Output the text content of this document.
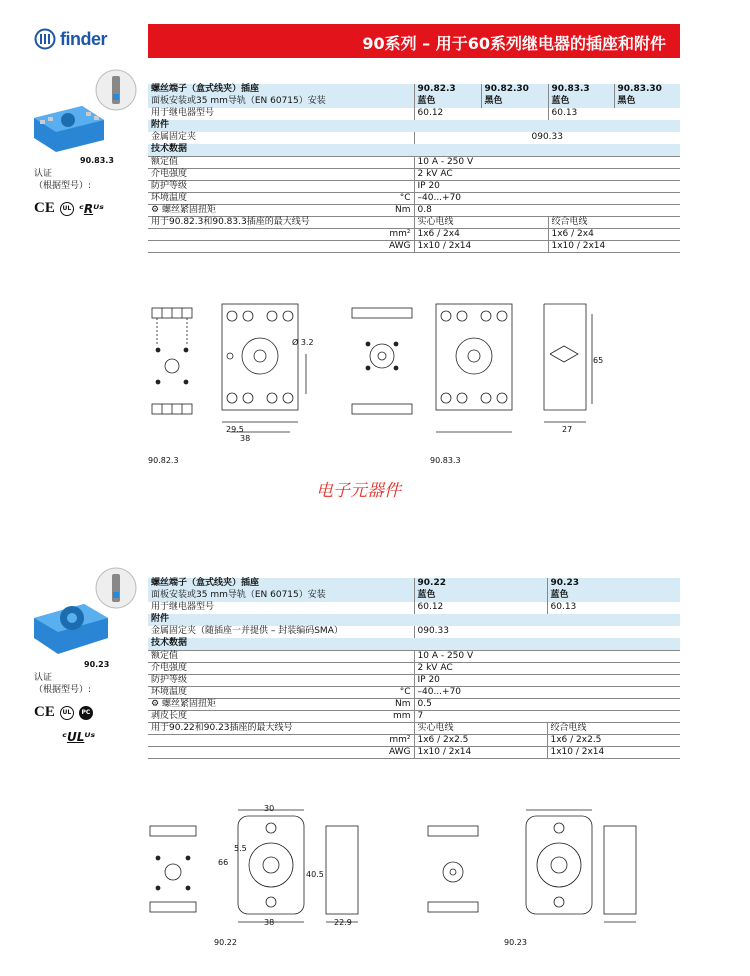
finder	90系列 – 用于60系列继电器的插座和附件
90.83.3
认证
（根据型号）:
CE	UL ᶜRᵁˢ
螺丝端子（盒式线夹）插座		90.82.3	90.82.30	90.83.3	90.83.30
面板安装或35 mm导轨（EN 60715）安装		蓝色	黑色	蓝色	黑色
用于继电器型号		60.12		60.13	
附件					
金属固定夹		090.33			
技术数据					
额定值		10 A - 250 V			
介电强度		2 kV AC			
防护等级		IP 20			
环境温度	°C	–40...+70			
⚙ 螺丝紧固扭矩	Nm	0.8			
用于90.82.3和90.83.3插座的最大线号		实心电线		绞合电线	
	mm²	1x6 / 2x4		1x6 / 2x4	
	AWG	1x10 / 2x14		1x10 / 2x14	
29.5
38
Ø 3.2
65
27
90.82.3	90.83.3
电子元器件
90.23
认证
（根据型号）:
CE	UL	PC
ᶜULᵁˢ
螺丝端子（盒式线夹）插座		90.22	90.23
面板安装或35 mm导轨（EN 60715）安装		蓝色	蓝色
用于继电器型号		60.12	60.13
附件			
金属固定夹（随插座一并提供 – 封装编码SMA）		090.33	
技术数据			
额定值		10 A - 250 V	
介电强度		2 kV AC	
防护等级		IP 20	
环境温度	°C	–40...+70	
⚙ 螺丝紧固扭矩	Nm	0.5	
剥皮长度	mm	7	
用于90.22和90.23插座的最大线号		实心电线	绞合电线
	mm²	1x6 / 2x2.5	1x6 / 2x2.5
	AWG	1x10 / 2x14	1x10 / 2x14
30
66
40.5
5.5
38	22.9
90.22	90.23
